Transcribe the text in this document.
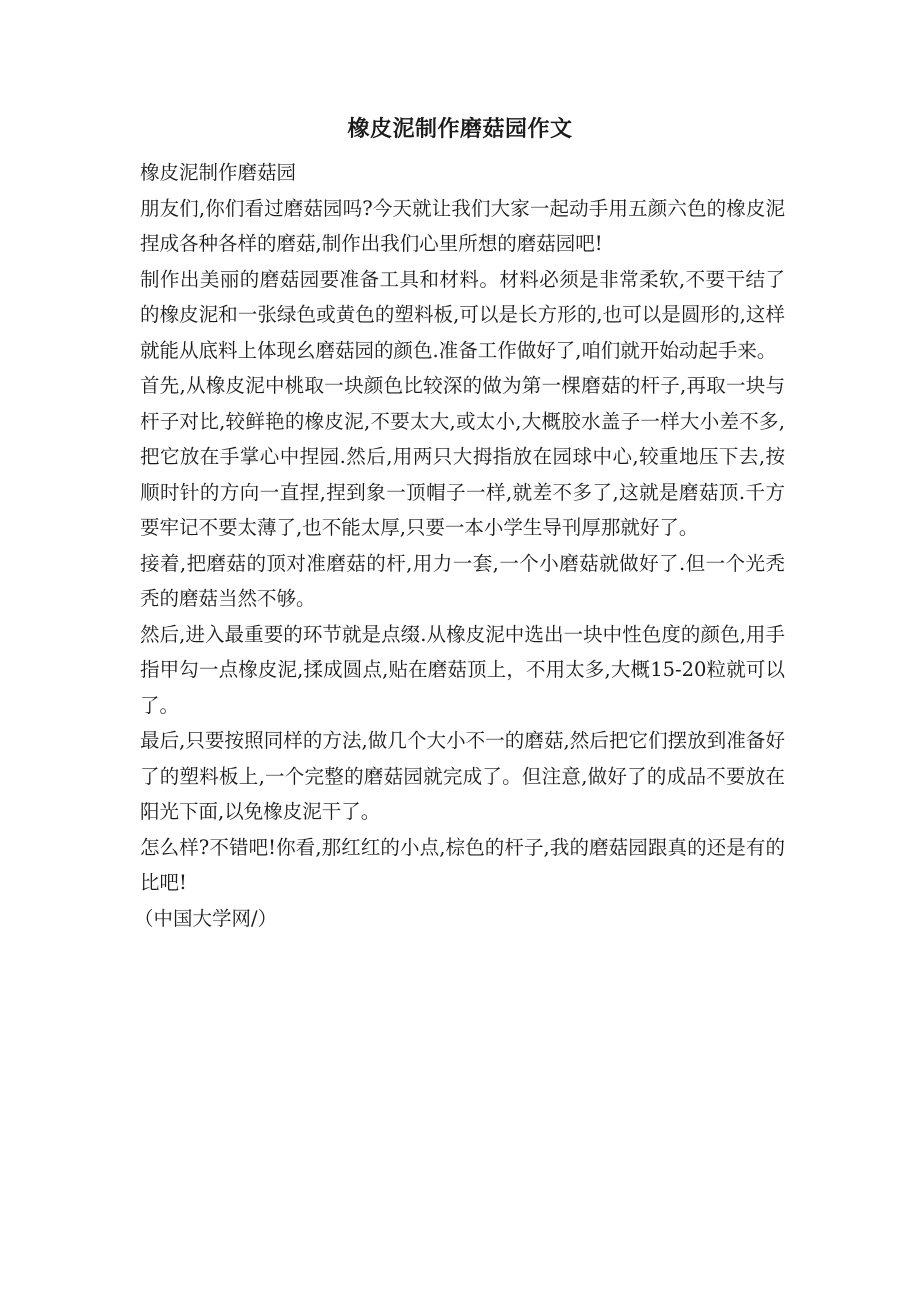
橡皮泥制作磨菇园作文

橡皮泥制作磨菇园

朋友们,你们看过磨菇园吗?今天就让我们大家一起动手用五颜六色的橡皮泥捏成各种各样的磨菇,制作出我们心里所想的磨菇园吧!

制作出美丽的磨菇园要准备工具和材料。材料必须是非常柔软,不要干结了的橡皮泥和一张绿色或黄色的塑料板,可以是长方形的,也可以是圆形的,这样就能从底料上体现幺磨菇园的颜色.准备工作做好了,咱们就开始动起手来。

首先,从橡皮泥中桃取一块颜色比较深的做为第一棵磨菇的杆子,再取一块与杆子对比,较鲜艳的橡皮泥,不要太大,或太小,大概胶水盖子一样大小差不多,把它放在手掌心中捏园.然后,用两只大拇指放在园球中心,较重地压下去,按顺时针的方向一直捏,捏到象一顶帽子一样,就差不多了,这就是磨菇顶.千方要牢记不要太薄了,也不能太厚,只要一本小学生导刊厚那就好了。

接着,把磨菇的顶对准磨菇的杆,用力一套,一个小磨菇就做好了.但一个光秃秃的磨菇当然不够。

然后,进入最重要的环节就是点缀.从橡皮泥中选出一块中性色度的颜色,用手指甲勾一点橡皮泥,揉成圆点,贴在磨菇顶上，不用太多,大概15-20粒就可以了。

最后,只要按照同样的方法,做几个大小不一的磨菇,然后把它们摆放到准备好了的塑料板上,一个完整的磨菇园就完成了。但注意,做好了的成品不要放在阳光下面,以免橡皮泥干了。

怎么样?不错吧!你看,那红红的小点,棕色的杆子,我的磨菇园跟真的还是有的比吧!

（中国大学网/）
